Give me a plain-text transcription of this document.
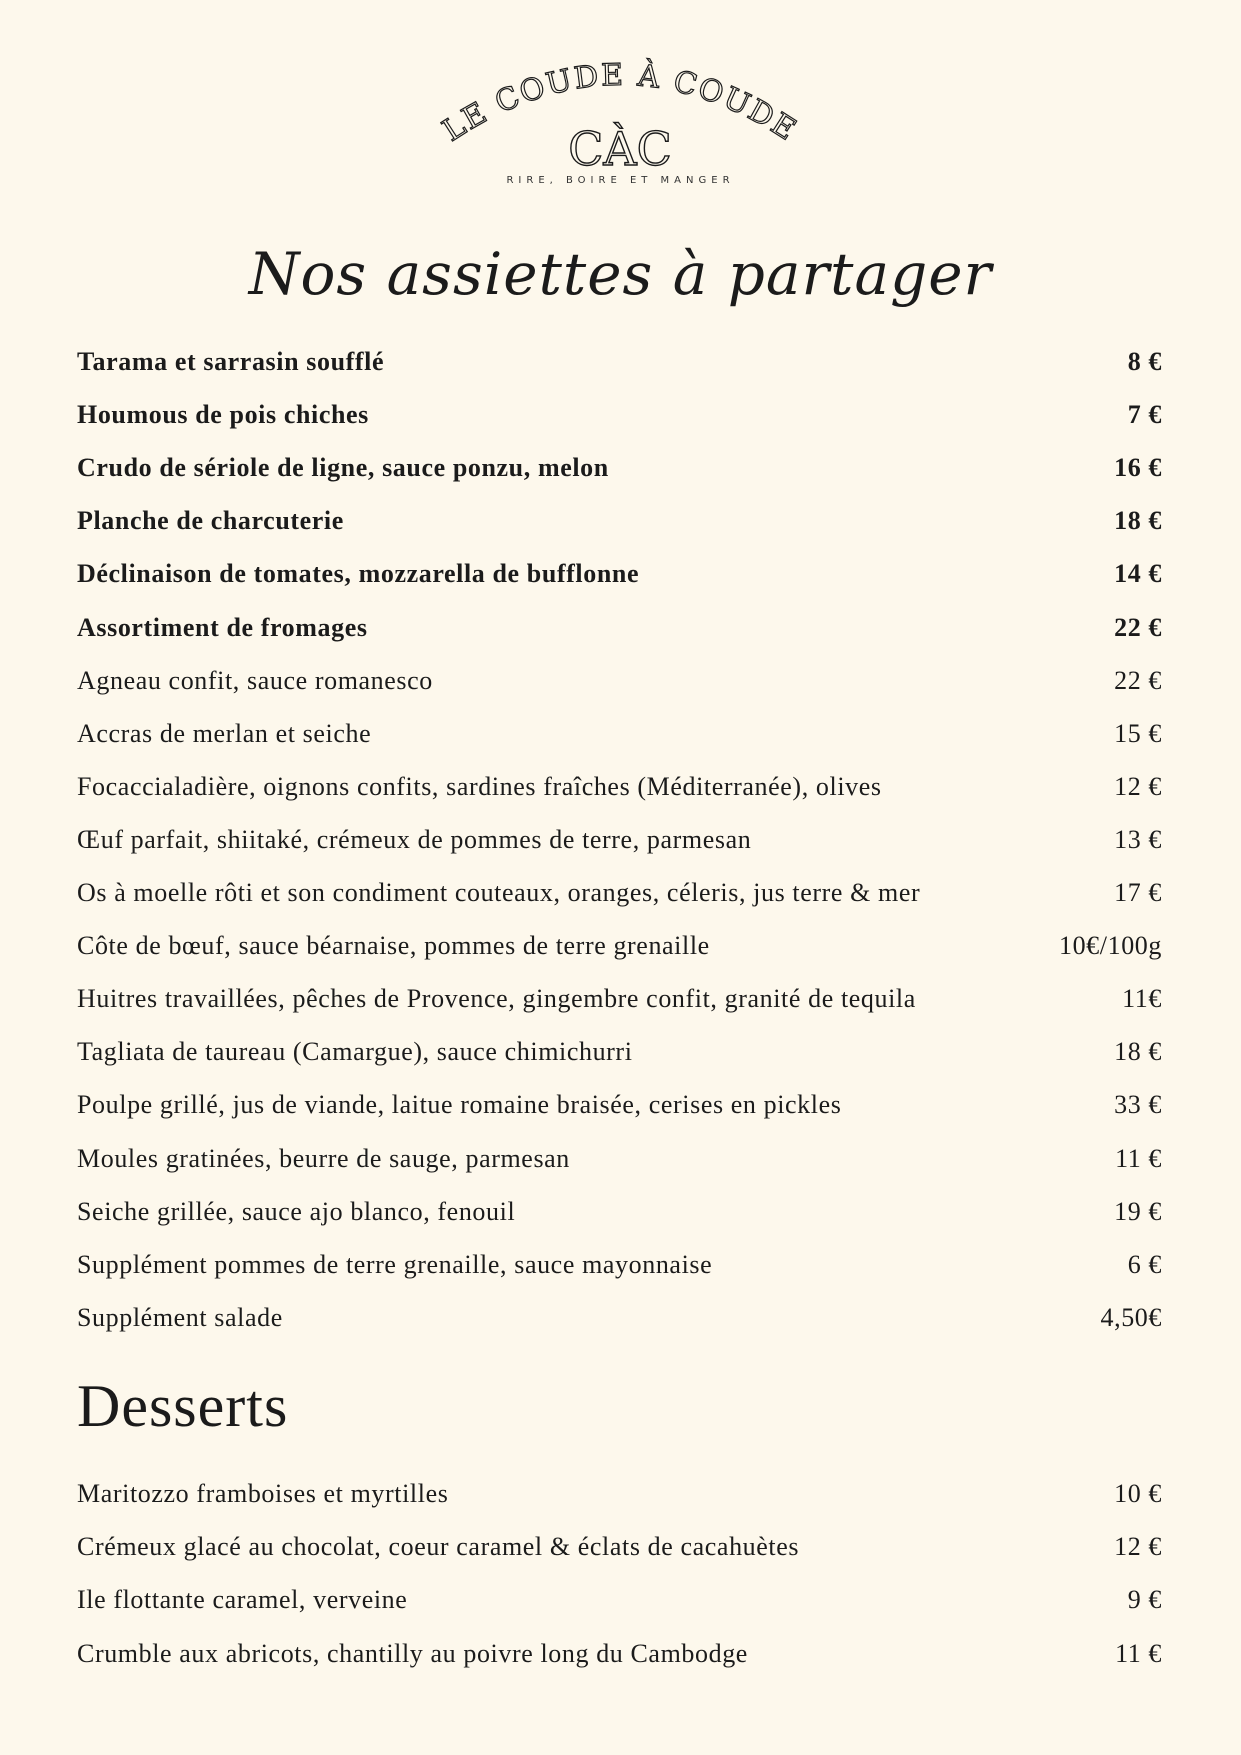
LE COUDE À COUDE
CÀC
RIRE, BOIRE ET MANGER
Nos assiettes à partager
Tarama et sarrasin soufflé	8 €
Houmous de pois chiches	7 €
Crudo de sériole de ligne, sauce ponzu, melon	16 €
Planche de charcuterie	18 €
Déclinaison de tomates, mozzarella de bufflonne	14 €
Assortiment de fromages	22 €
Agneau confit, sauce romanesco	22 €
Accras de merlan et seiche	15 €
Focaccialadière, oignons confits, sardines fraîches (Méditerranée), olives	12 €
Œuf parfait, shiitaké, crémeux de pommes de terre, parmesan	13 €
Os à moelle rôti et son condiment couteaux, oranges, céleris, jus terre & mer	17 €
Côte de bœuf, sauce béarnaise, pommes de terre grenaille	10€/100g
Huitres travaillées, pêches de Provence, gingembre confit, granité de tequila	11€
Tagliata de taureau (Camargue), sauce chimichurri	18 €
Poulpe grillé, jus de viande, laitue romaine braisée, cerises en pickles	33 €
Moules gratinées, beurre de sauge, parmesan	11 €
Seiche grillée, sauce ajo blanco, fenouil	19 €
Supplément pommes de terre grenaille, sauce mayonnaise	6 €
Supplément salade	4,50€
Desserts
Maritozzo framboises et myrtilles	10 €
Crémeux glacé au chocolat, coeur caramel & éclats de cacahuètes	12 €
Ile flottante caramel, verveine	9 €
Crumble aux abricots, chantilly au poivre long du Cambodge	11 €
